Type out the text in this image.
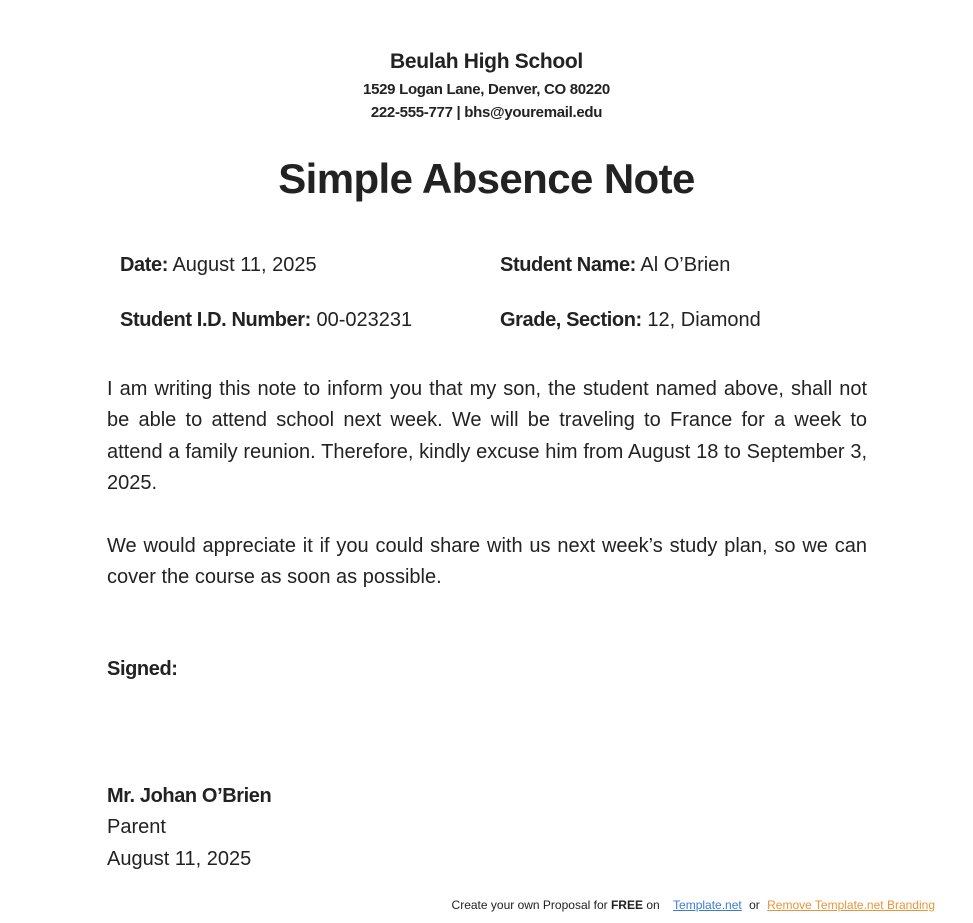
Beulah High School
1529 Logan Lane, Denver, CO 80220
222-555-777 | bhs@youremail.edu
Simple Absence Note
Date: August 11, 2025	Student Name: Al O’Brien
Student I.D. Number: 00-023231	Grade, Section: 12, Diamond

I am writing this note to inform you that my son, the student named above, shall not be able to attend school next week. We will be traveling to France for a week to attend a family reunion. Therefore, kindly excuse him from August 18 to September 3, 2025.

We would appreciate it if you could share with us next week’s study plan, so we can cover the course as soon as possible.

Signed:
Mr. Johan O’Brien
Parent
August 11, 2025
Create your own Proposal for FREE on Template.net or Remove Template.net Branding
